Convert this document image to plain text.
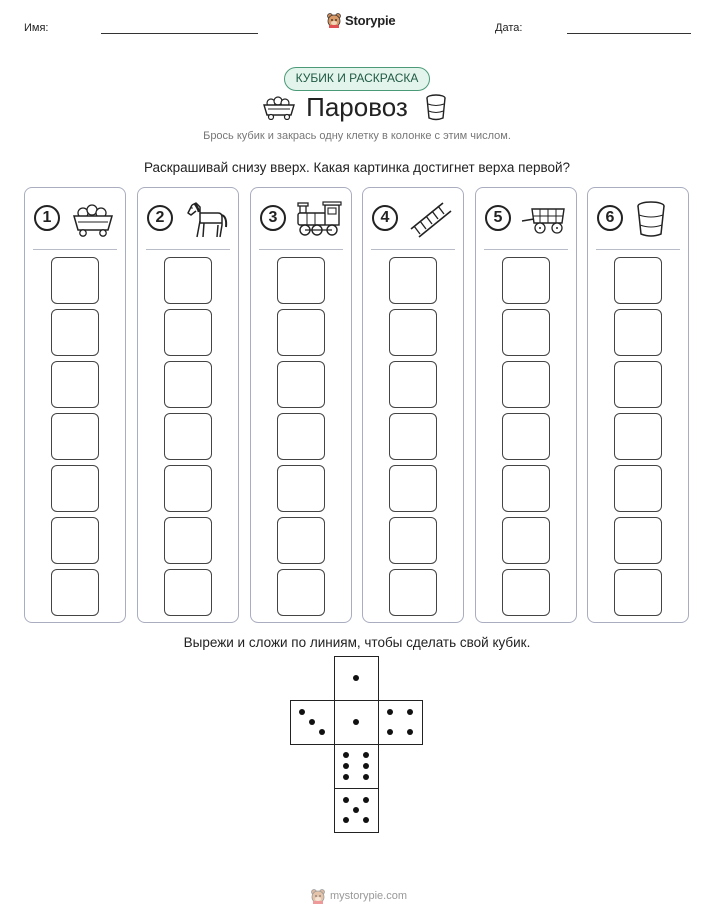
Имя:
Storypie
Дата:
КУБИК И РАСКРАСКА
Паровоз
Брось кубик и закрась одну клетку в колонке с этим числом.
Раскрашивай снизу вверх. Какая картинка достигнет верха первой?
1	2	3	4	5	6
Вырежи и сложи по линиям, чтобы сделать свой кубик.
mystorypie.com
